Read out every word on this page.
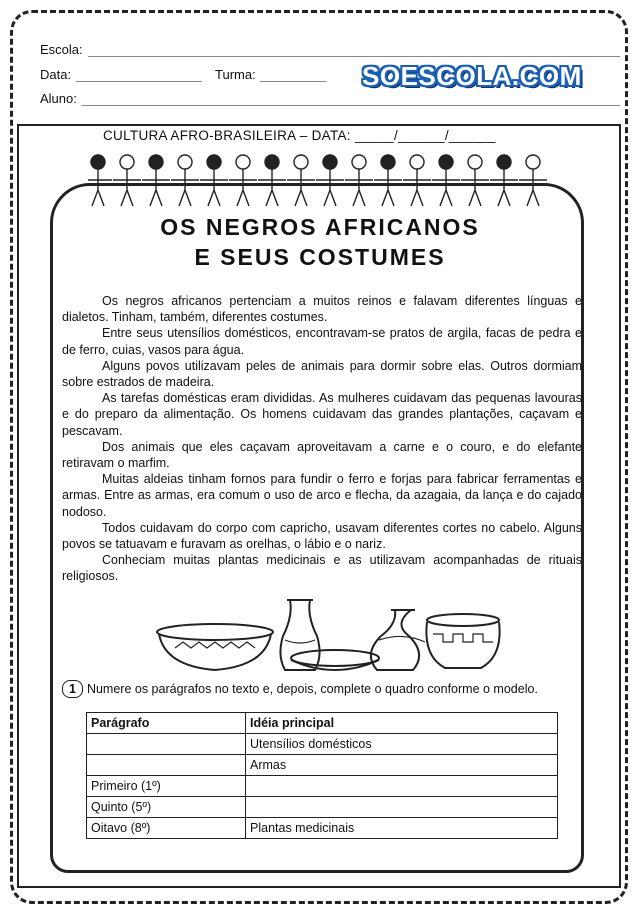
Escola:
Data:	Turma:	SOESCOLA.COM
Aluno:
CULTURA AFRO-BRASILEIRA – DATA: _____/______/______
OS NEGROS AFRICANOS
E SEUS COSTUMES

Os negros africanos pertenciam a muitos reinos e falavam diferentes línguas e dialetos. Tinham, também, diferentes costumes.

Entre seus utensílios domésticos, encontravam-se pratos de argila, facas de pedra e de ferro, cuias, vasos para água.

Alguns povos utilizavam peles de animais para dormir sobre elas. Outros dormiam sobre estrados de madeira.

As tarefas domésticas eram divididas. As mulheres cuidavam das pequenas lavouras e do preparo da alimentação. Os homens cuidavam das grandes plantações, caçavam e pescavam.

Dos animais que eles caçavam aproveitavam a carne e o couro, e do elefante retiravam o marfim.

Muitas aldeias tinham fornos para fundir o ferro e forjas para fabricar ferramentas e armas. Entre as armas, era comum o uso de arco e flecha, da azagaia, da lança e do cajado nodoso.

Todos cuidavam do corpo com capricho, usavam diferentes cortes no cabelo. Alguns povos se tatuavam e furavam as orelhas, o lábio e o nariz.

Conheciam muitas plantas medicinais e as utilizavam acompanhadas de rituais religiosos.

1 Numere os parágrafos no texto e, depois, complete o quadro conforme o modelo.
Parágrafo	Idéia principal
	Utensílios domésticos
	Armas
Primeiro (1º)	
Quinto (5º)	
Oitavo (8º)	Plantas medicinais
